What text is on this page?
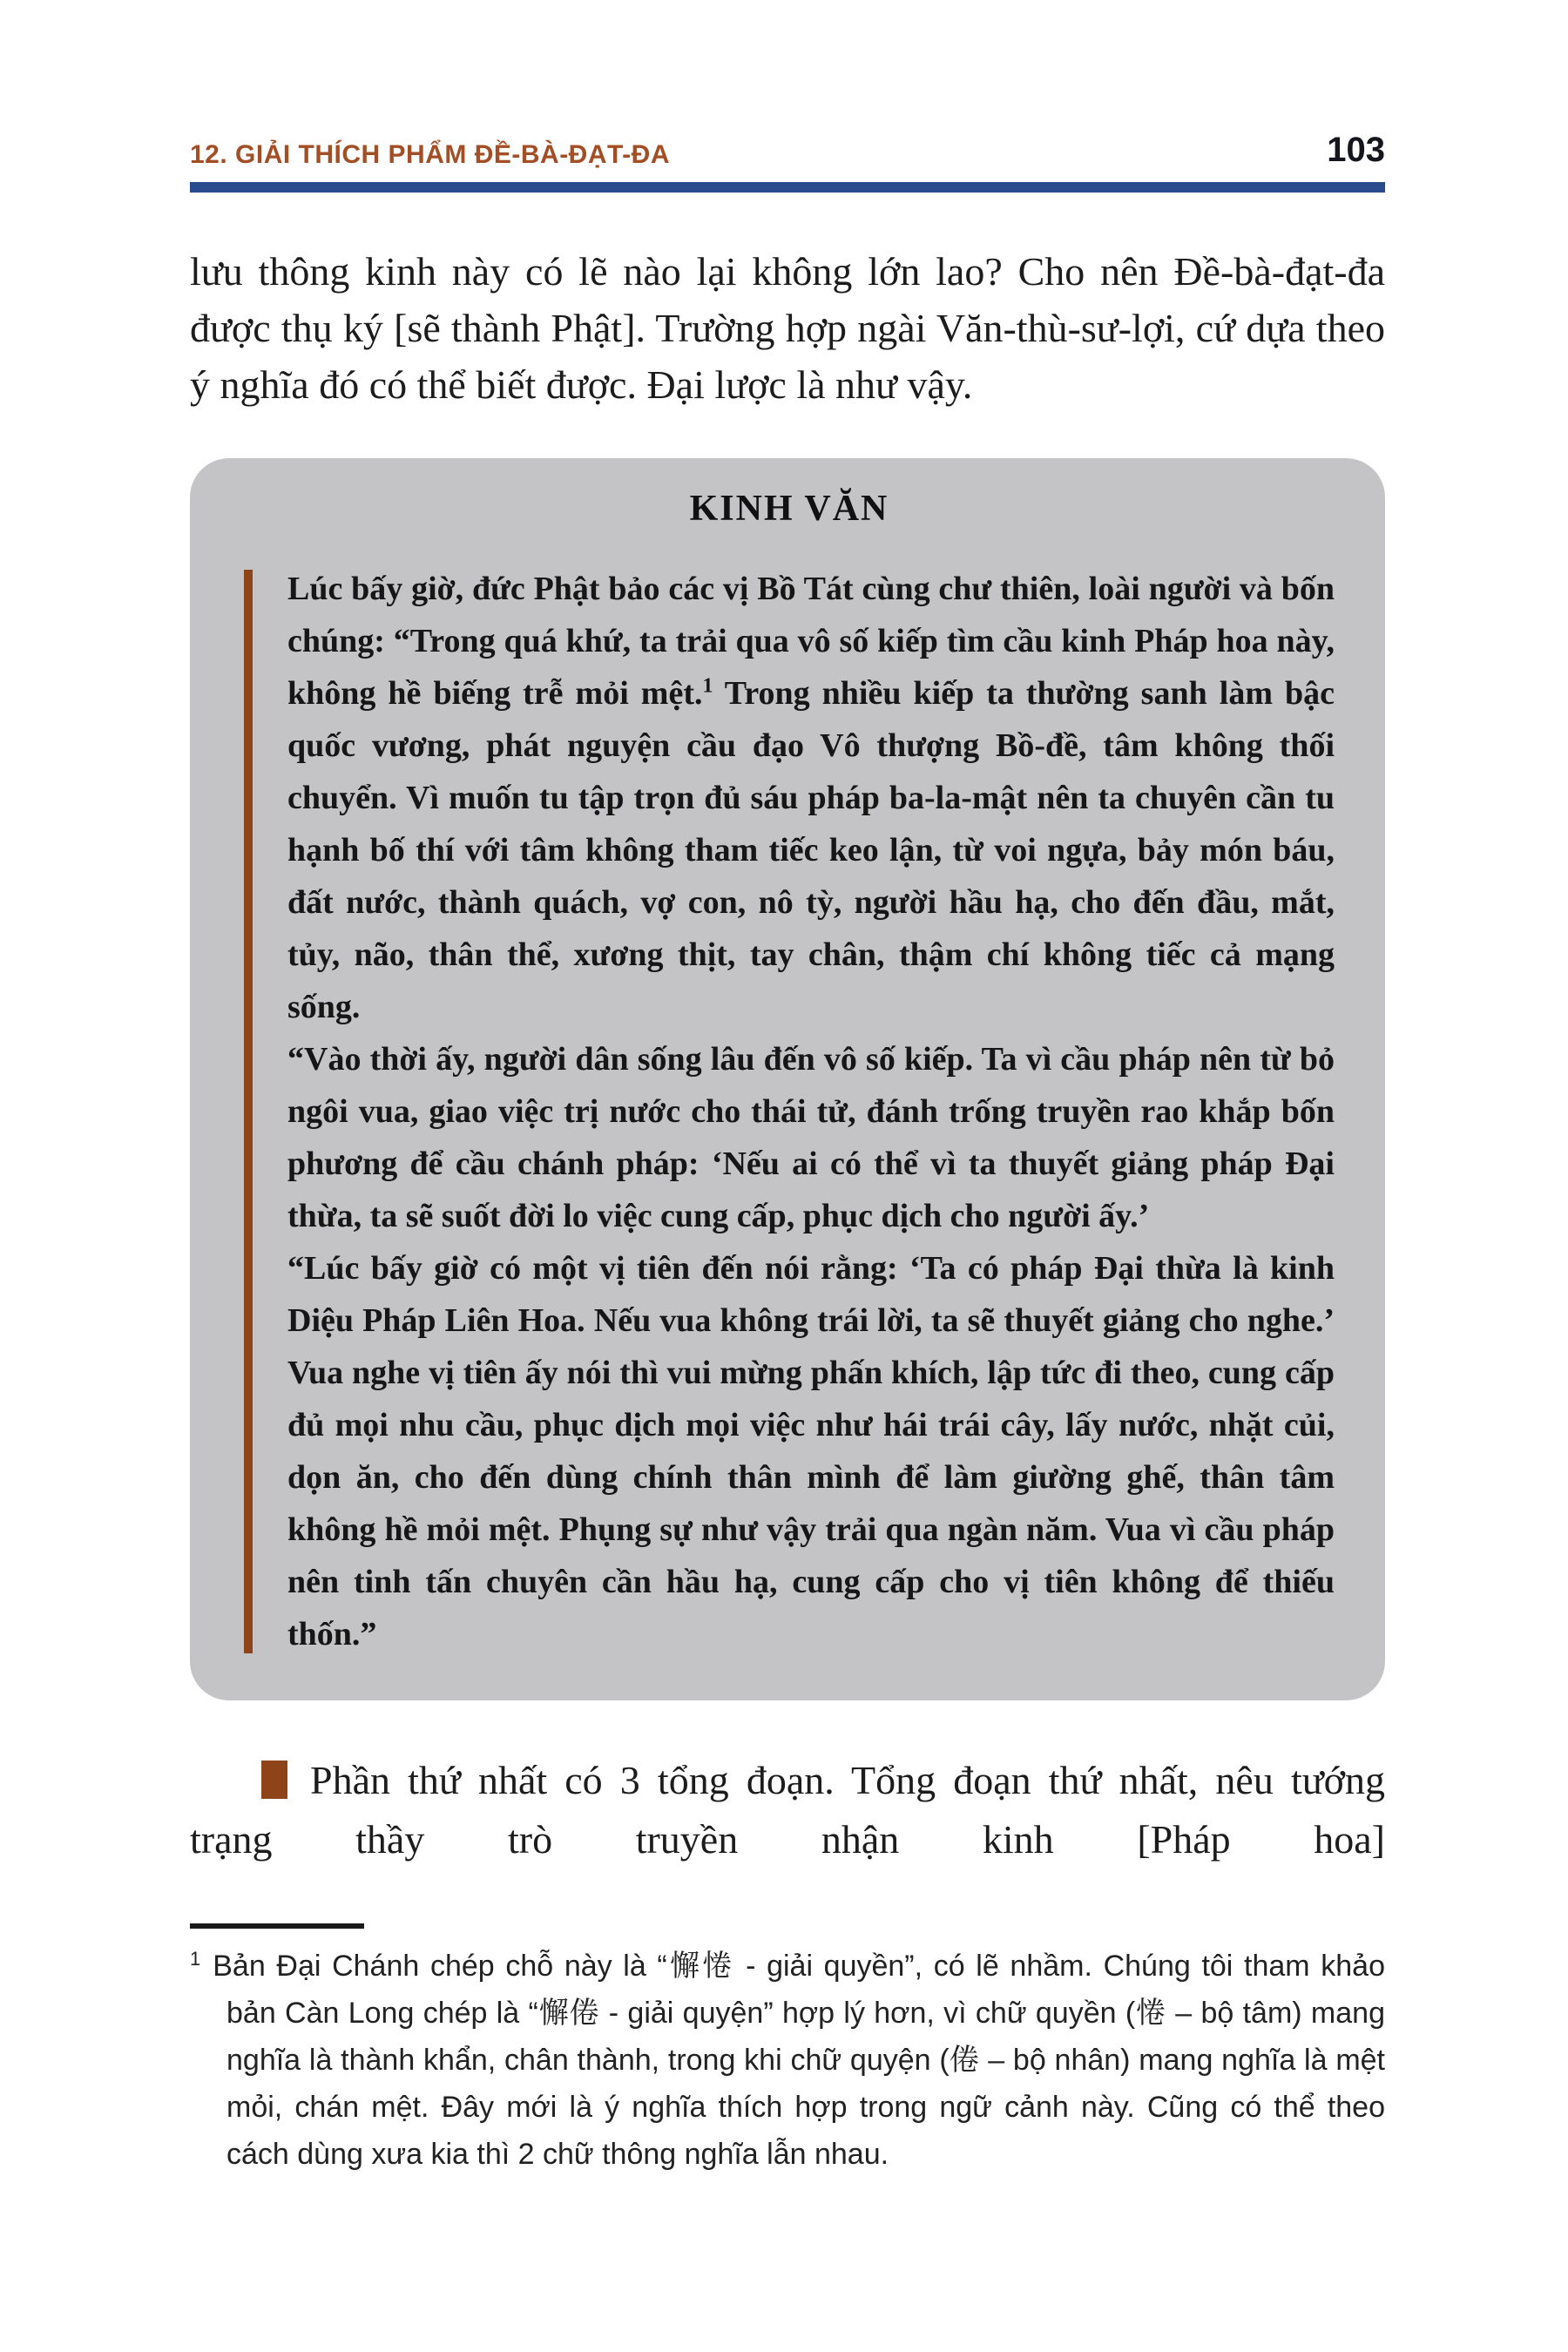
12. GIẢI THÍCH PHẨM ĐỀ-BÀ-ĐẠT-ĐA	103

lưu thông kinh này có lẽ nào lại không lớn lao? Cho nên Đề-bà-đạt-đa được thụ ký [sẽ thành Phật]. Trường hợp ngài Văn-thù-sư-lợi, cứ dựa theo ý nghĩa đó có thể biết được. Đại lược là như vậy.

KINH VĂN

Lúc bấy giờ, đức Phật bảo các vị Bồ Tát cùng chư thiên, loài người và bốn chúng: “Trong quá khứ, ta trải qua vô số kiếp tìm cầu kinh Pháp hoa này, không hề biếng trễ mỏi mệt.$^1$ Trong nhiều kiếp ta thường sanh làm bậc quốc vương, phát nguyện cầu đạo Vô thượng Bồ-đề, tâm không thối chuyển. Vì muốn tu tập trọn đủ sáu pháp ba-la-mật nên ta chuyên cần tu hạnh bố thí với tâm không tham tiếc keo lận, từ voi ngựa, bảy món báu, đất nước, thành quách, vợ con, nô tỳ, người hầu hạ, cho đến đầu, mắt, tủy, não, thân thể, xương thịt, tay chân, thậm chí không tiếc cả mạng sống.

“Vào thời ấy, người dân sống lâu đến vô số kiếp. Ta vì cầu pháp nên từ bỏ ngôi vua, giao việc trị nước cho thái tử, đánh trống truyền rao khắp bốn phương để cầu chánh pháp: ‘Nếu ai có thể vì ta thuyết giảng pháp Đại thừa, ta sẽ suốt đời lo việc cung cấp, phục dịch cho người ấy.’

“Lúc bấy giờ có một vị tiên đến nói rằng: ‘Ta có pháp Đại thừa là kinh Diệu Pháp Liên Hoa. Nếu vua không trái lời, ta sẽ thuyết giảng cho nghe.’ Vua nghe vị tiên ấy nói thì vui mừng phấn khích, lập tức đi theo, cung cấp đủ mọi nhu cầu, phục dịch mọi việc như hái trái cây, lấy nước, nhặt củi, dọn ăn, cho đến dùng chính thân mình để làm giường ghế, thân tâm không hề mỏi mệt. Phụng sự như vậy trải qua ngàn năm. Vua vì cầu pháp nên tinh tấn chuyên cần hầu hạ, cung cấp cho vị tiên không để thiếu thốn.”

Phần thứ nhất có 3 tổng đoạn. Tổng đoạn thứ nhất, nêu tướng trạng thầy trò truyền nhận kinh [Pháp hoa]

$^1$ Bản Đại Chánh chép chỗ này là “懈惓 - giải quyền”, có lẽ nhầm. Chúng tôi tham khảo bản Càn Long chép là “懈倦 - giải quyện” hợp lý hơn, vì chữ quyền (惓 – bộ tâm) mang nghĩa là thành khẩn, chân thành, trong khi chữ quyện (倦 – bộ nhân) mang nghĩa là mệt mỏi, chán mệt. Đây mới là ý nghĩa thích hợp trong ngữ cảnh này. Cũng có thể theo cách dùng xưa kia thì 2 chữ thông nghĩa lẫn nhau.
